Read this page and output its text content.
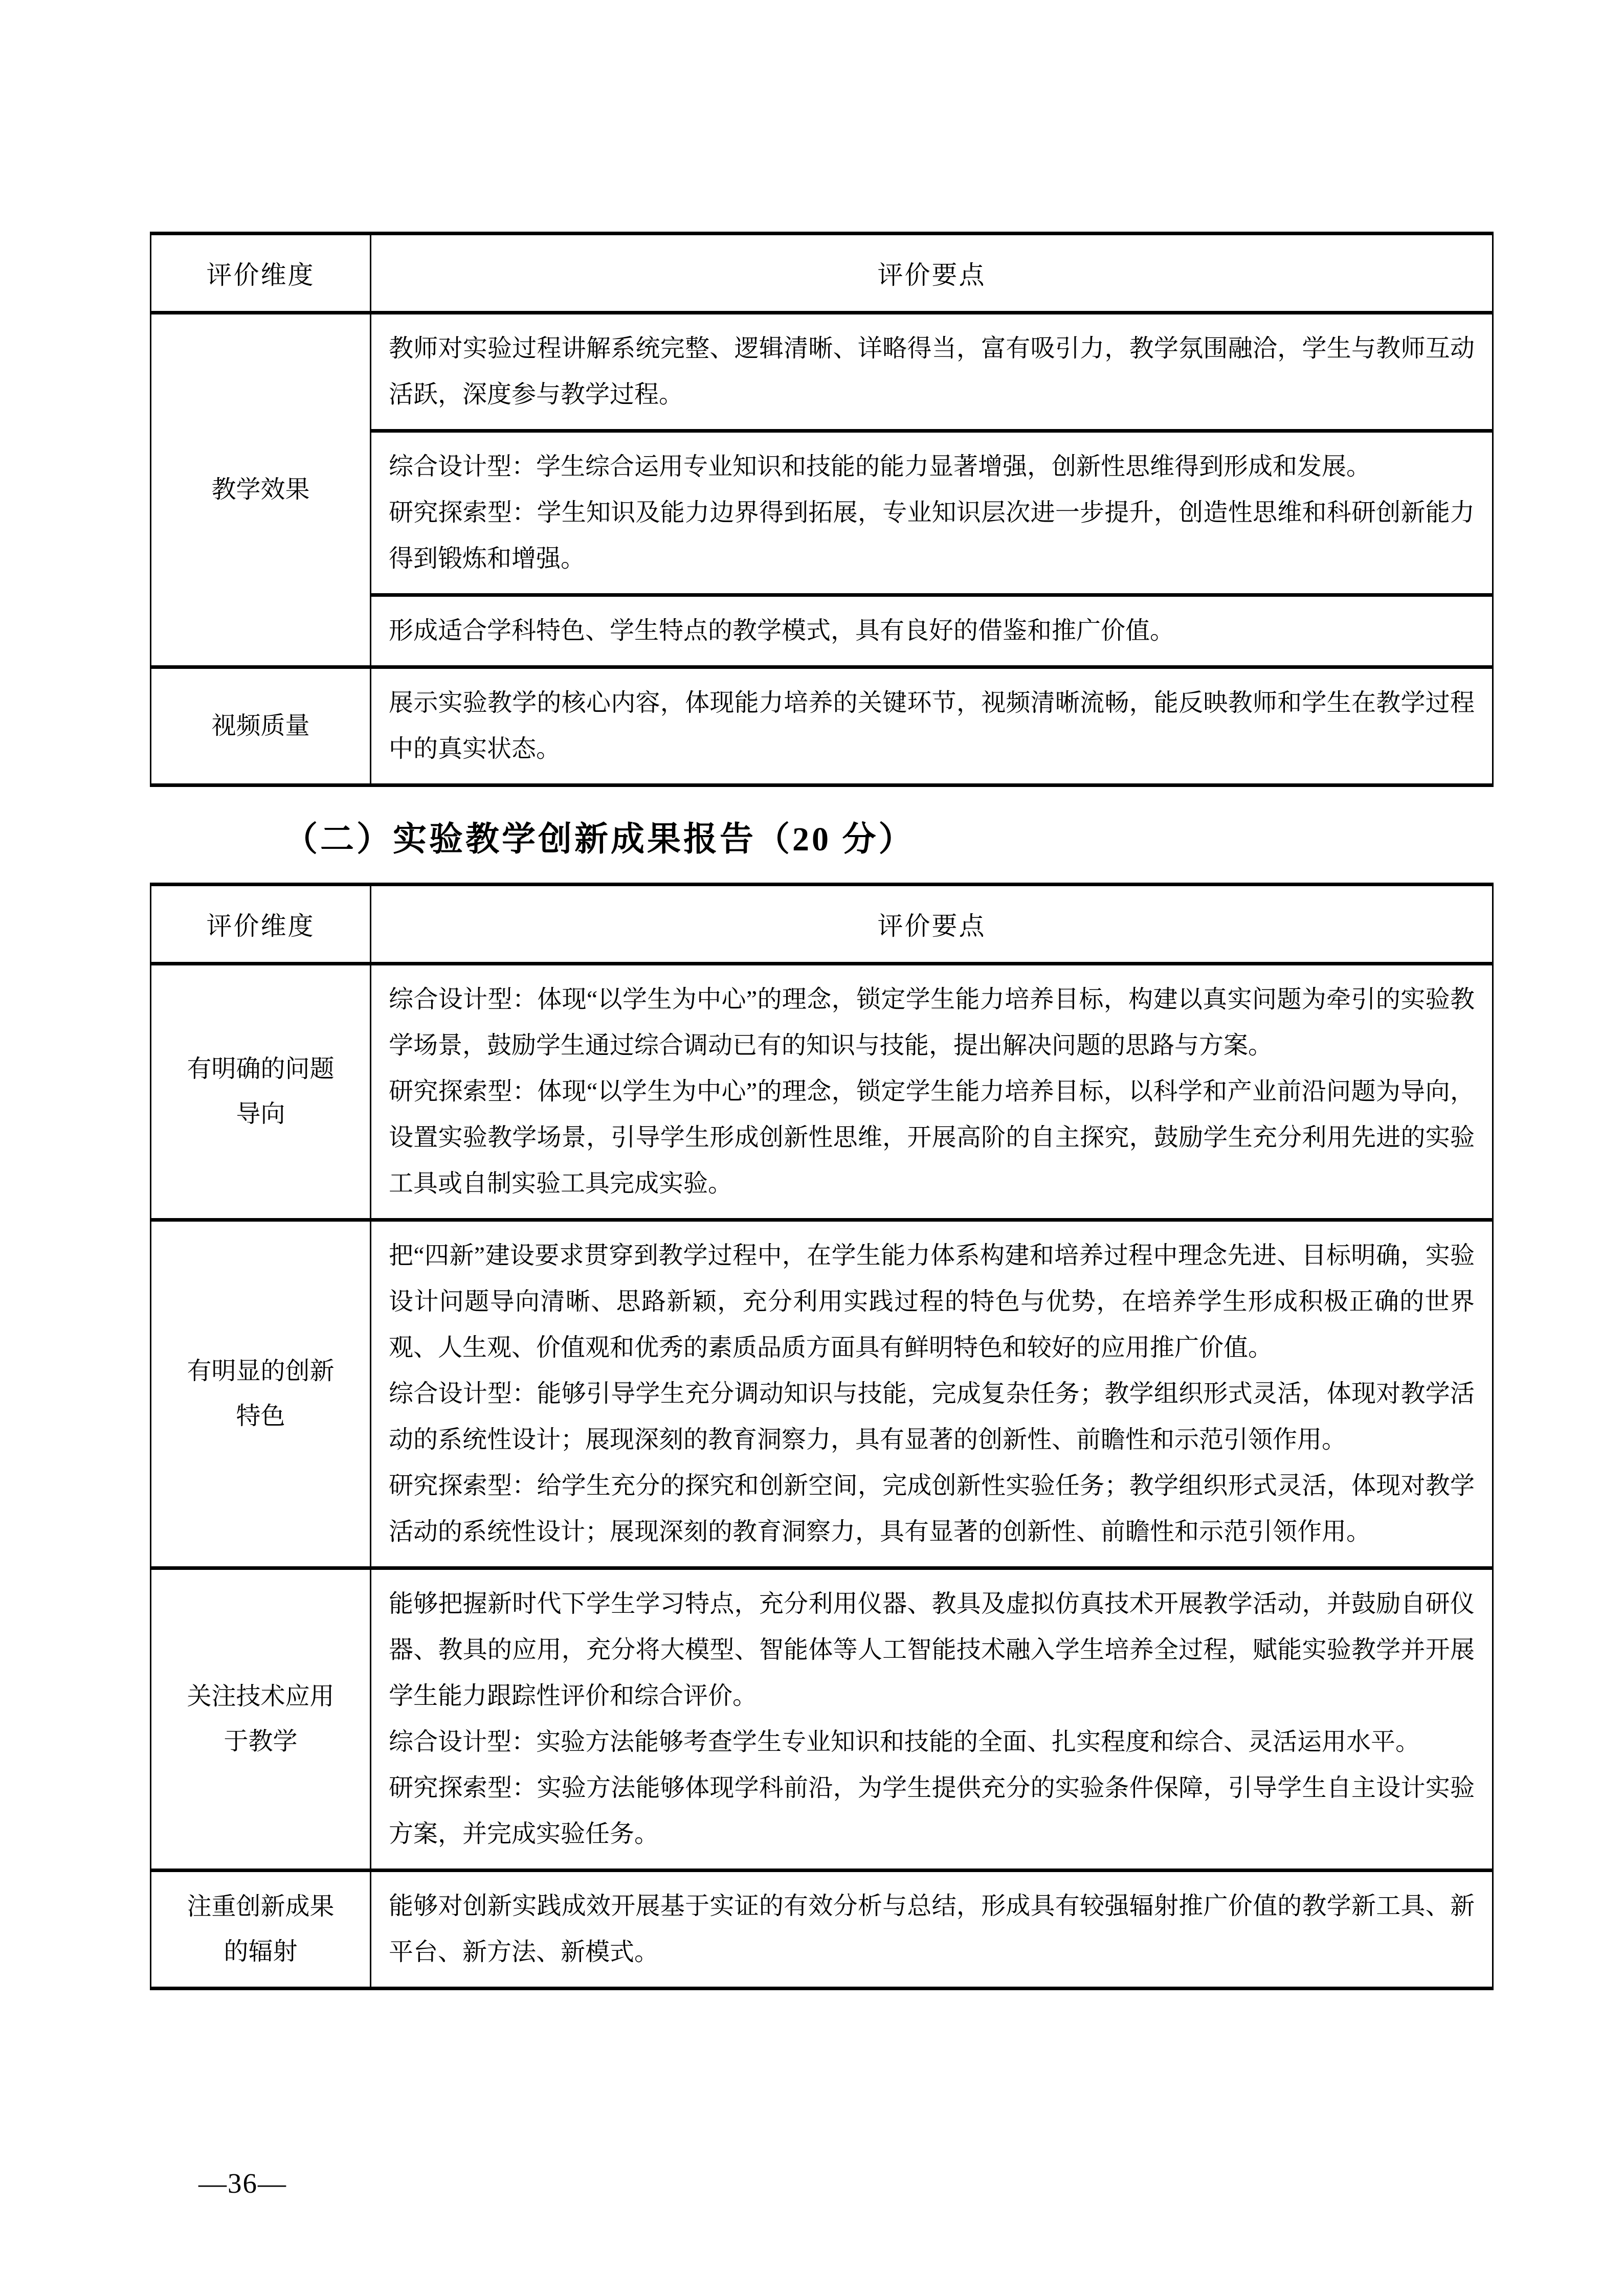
评价维度	评价要点
教学效果	教师对实验过程讲解系统完整、逻辑清晰、详略得当，富有吸引力，教学氛围融洽，学生与教师互动活跃，深度参与教学过程。

	综合设计型：学生综合运用专业知识和技能的能力显著增强，创新性思维得到形成和发展。

研究探索型：学生知识及能力边界得到拓展，专业知识层次进一步提升，创造性思维和科研创新能力得到锻炼和增强。

	形成适合学科特色、学生特点的教学模式，具有良好的借鉴和推广价值。

视频质量	展示实验教学的核心内容，体现能力培养的关键环节，视频清晰流畅，能反映教师和学生在教学过程中的真实状态。

（二）实验教学创新成果报告（20 分）
评价维度	评价要点
有明确的问题导向	综合设计型：体现“以学生为中心”的理念，锁定学生能力培养目标，构建以真实问题为牵引的实验教学场景，鼓励学生通过综合调动已有的知识与技能，提出解决问题的思路与方案。

研究探索型：体现“以学生为中心”的理念，锁定学生能力培养目标，以科学和产业前沿问题为导向，设置实验教学场景，引导学生形成创新性思维，开展高阶的自主探究，鼓励学生充分利用先进的实验工具或自制实验工具完成实验。

有明显的创新特色	把“四新”建设要求贯穿到教学过程中，在学生能力体系构建和培养过程中理念先进、目标明确，实验设计问题导向清晰、思路新颖，充分利用实践过程的特色与优势，在培养学生形成积极正确的世界观、人生观、价值观和优秀的素质品质方面具有鲜明特色和较好的应用推广价值。

综合设计型：能够引导学生充分调动知识与技能，完成复杂任务；教学组织形式灵活，体现对教学活动的系统性设计；展现深刻的教育洞察力，具有显著的创新性、前瞻性和示范引领作用。

研究探索型：给学生充分的探究和创新空间，完成创新性实验任务；教学组织形式灵活，体现对教学活动的系统性设计；展现深刻的教育洞察力，具有显著的创新性、前瞻性和示范引领作用。

关注技术应用于教学	能够把握新时代下学生学习特点，充分利用仪器、教具及虚拟仿真技术开展教学活动，并鼓励自研仪器、教具的应用，充分将大模型、智能体等人工智能技术融入学生培养全过程，赋能实验教学并开展学生能力跟踪性评价和综合评价。

综合设计型：实验方法能够考查学生专业知识和技能的全面、扎实程度和综合、灵活运用水平。

研究探索型：实验方法能够体现学科前沿，为学生提供充分的实验条件保障，引导学生自主设计实验方案，并完成实验任务。

注重创新成果的辐射	能够对创新实践成效开展基于实证的有效分析与总结，形成具有较强辐射推广价值的教学新工具、新平台、新方法、新模式。

—36—
